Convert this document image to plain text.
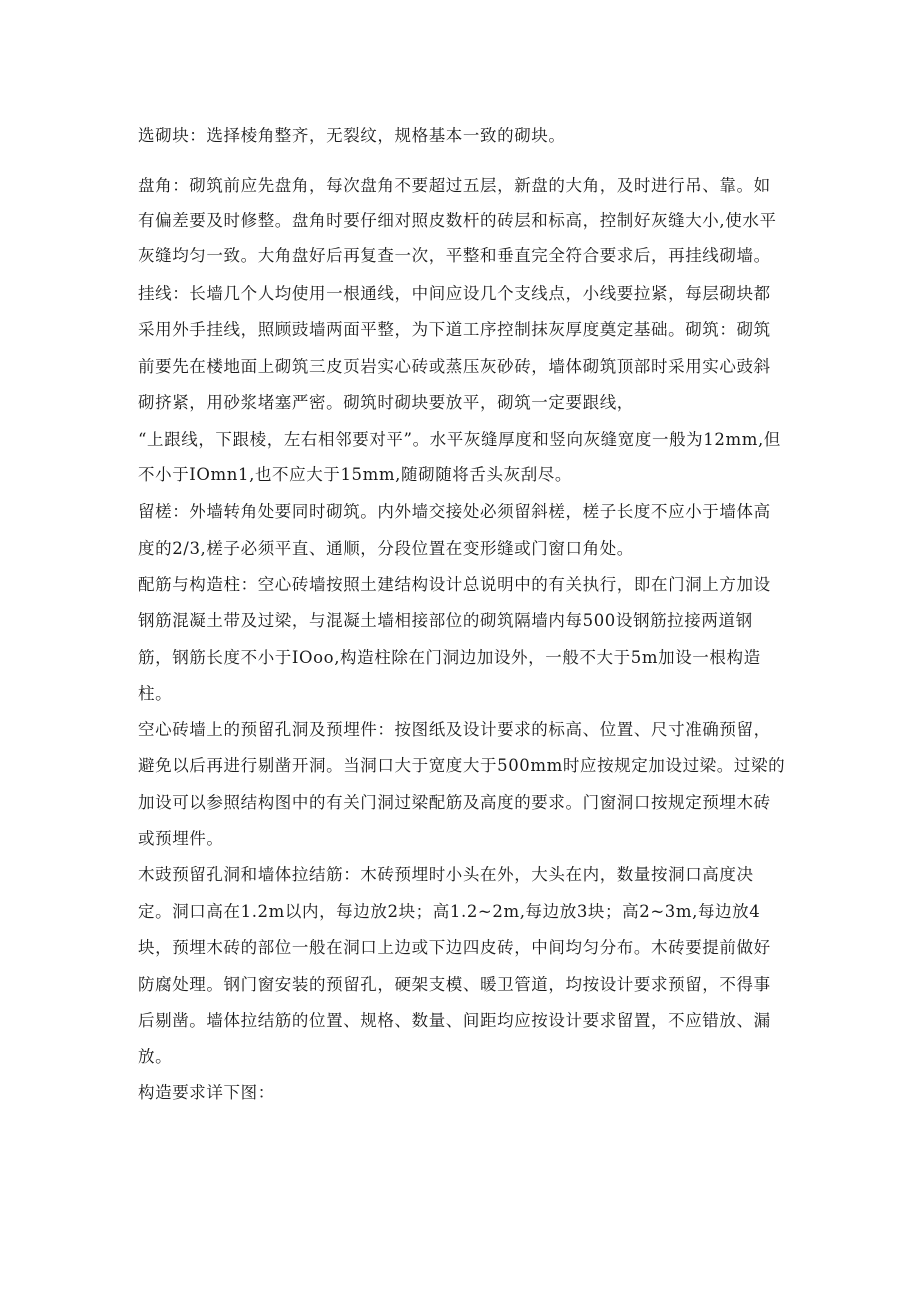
选砌块：选择棱角整齐，无裂纹，规格基本一致的砌块。
盘角：砌筑前应先盘角，每次盘角不要超过五层，新盘的大角，及时进行吊、靠。如
有偏差要及时修整。盘角时要仔细对照皮数杆的砖层和标高，控制好灰缝大小,使水平
灰缝均匀一致。大角盘好后再复查一次，平整和垂直完全符合要求后，再挂线砌墙。
挂线：长墙几个人均使用一根通线，中间应设几个支线点，小线要拉紧，每层砌块都
采用外手挂线，照顾豉墙两面平整，为下道工序控制抹灰厚度奠定基础。砌筑：砌筑
前要先在楼地面上砌筑三皮页岩实心砖或蒸压灰砂砖，墙体砌筑顶部时采用实心豉斜
砌挤紧，用砂浆堵塞严密。砌筑时砌块要放平，砌筑一定要跟线，
“上跟线，下跟棱，左右相邻要对平”。水平灰缝厚度和竖向灰缝宽度一般为12mm,但
不小于IOmn1,也不应大于15mm,随砌随将舌头灰刮尽。
留槎：外墙转角处要同时砌筑。内外墙交接处必须留斜槎，槎子长度不应小于墙体高
度的2/3,槎子必须平直、通顺，分段位置在变形缝或门窗口角处。
配筋与构造柱：空心砖墙按照土建结构设计总说明中的有关执行，即在门洞上方加设
钢筋混凝土带及过梁，与混凝土墙相接部位的砌筑隔墙内每500设钢筋拉接两道钢
筋，钢筋长度不小于IOoo,构造柱除在门洞边加设外，一般不大于5m加设一根构造
柱。
空心砖墙上的预留孔洞及预埋件：按图纸及设计要求的标高、位置、尺寸准确预留，
避免以后再进行剔凿开洞。当洞口大于宽度大于500mm时应按规定加设过梁。过梁的
加设可以参照结构图中的有关门洞过梁配筋及高度的要求。门窗洞口按规定预埋木砖
或预埋件。
木豉预留孔洞和墙体拉结筋：木砖预埋时小头在外，大头在内，数量按洞口高度决
定。洞口高在1.2m以内，每边放2块；高1.2~2m,每边放3块；高2~3m,每边放4
块，预埋木砖的部位一般在洞口上边或下边四皮砖，中间均匀分布。木砖要提前做好
防腐处理。钢门窗安装的预留孔，硬架支模、暖卫管道，均按设计要求预留，不得事
后剔凿。墙体拉结筋的位置、规格、数量、间距均应按设计要求留置，不应错放、漏
放。
构造要求详下图：
